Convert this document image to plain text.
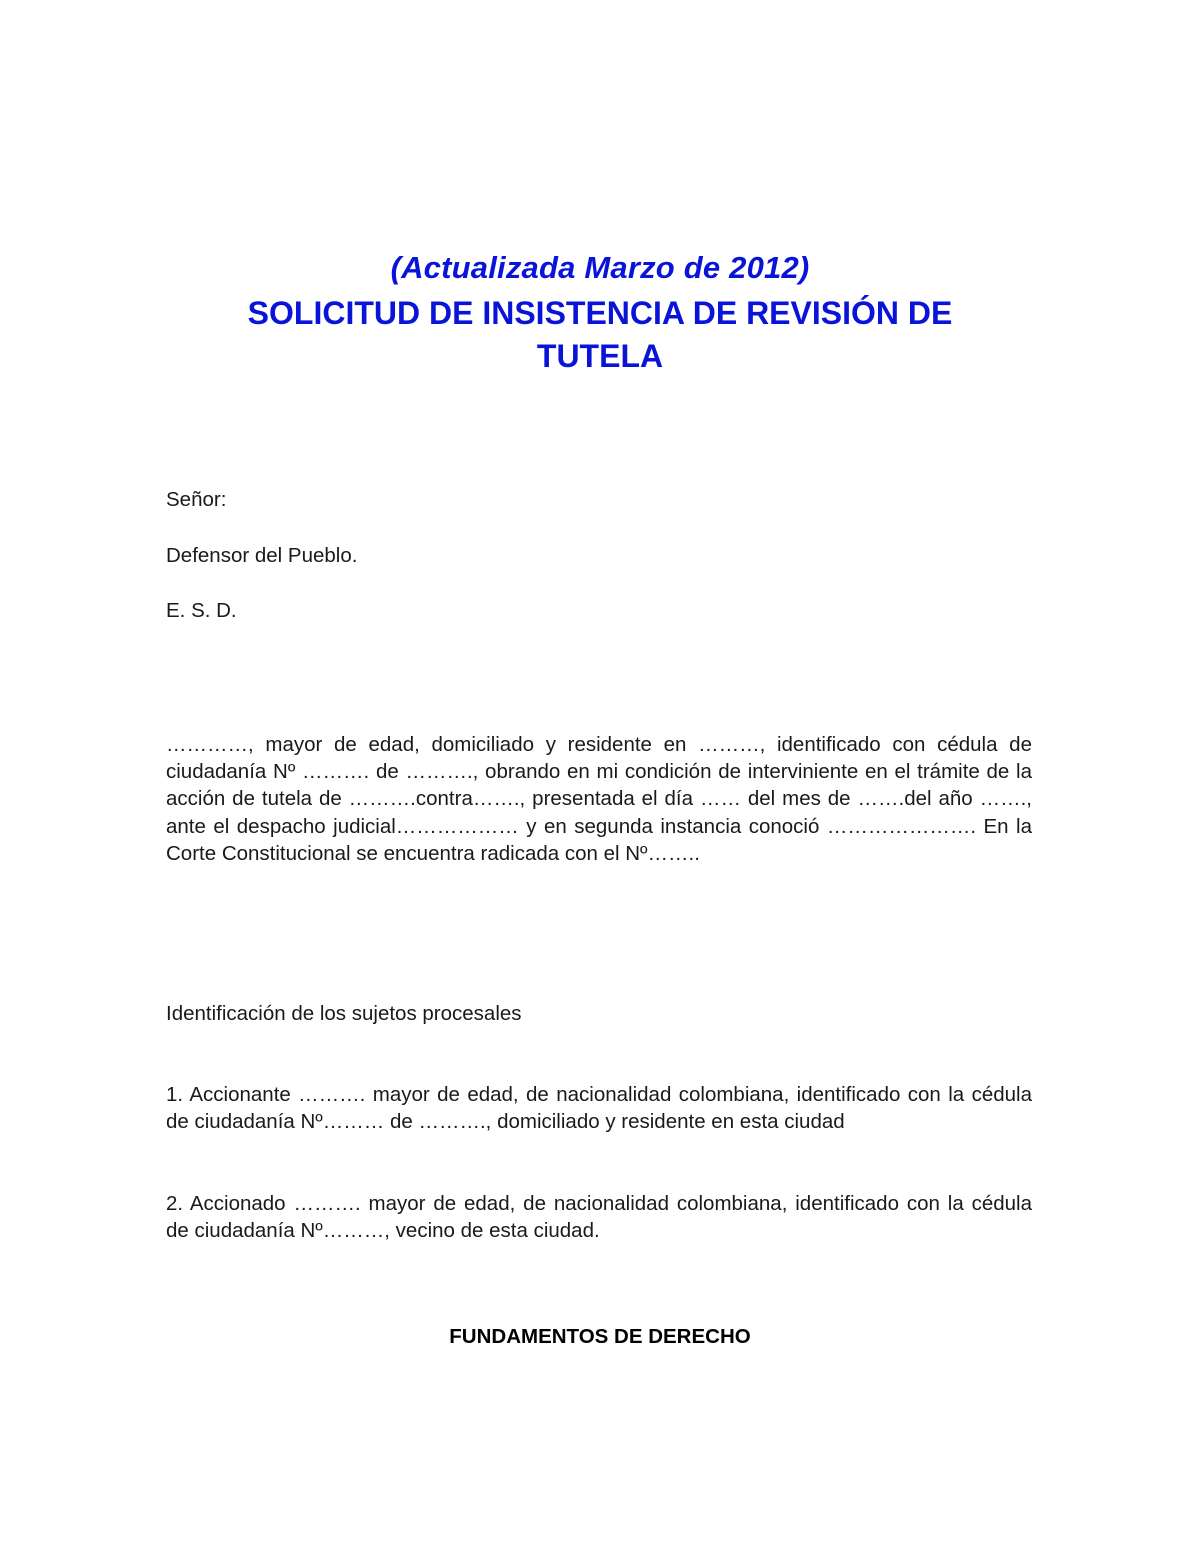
(Actualizada Marzo de 2012)
SOLICITUD DE INSISTENCIA DE REVISIÓN DE
TUTELA

Señor:

Defensor del Pueblo.

E. S. D.

…………, mayor de edad, domiciliado y residente en ………, identificado con cédula de ciudadanía Nº ………. de ………., obrando en mi condición de interviniente en el trámite de la acción de tutela de ……….contra……., presentada el día …… del mes de …….del año ……., ante el despacho judicial……………… y en segunda instancia conoció …………………. En la Corte Constitucional se encuentra radicada con el Nº……..

Identificación de los sujetos procesales

1. Accionante ………. mayor de edad, de nacionalidad colombiana, identificado con la cédula de ciudadanía Nº……… de ………., domiciliado y residente en esta ciudad

2. Accionado ………. mayor de edad, de nacionalidad colombiana, identificado con la cédula de ciudadanía Nº………, vecino de esta ciudad.

FUNDAMENTOS DE DERECHO
